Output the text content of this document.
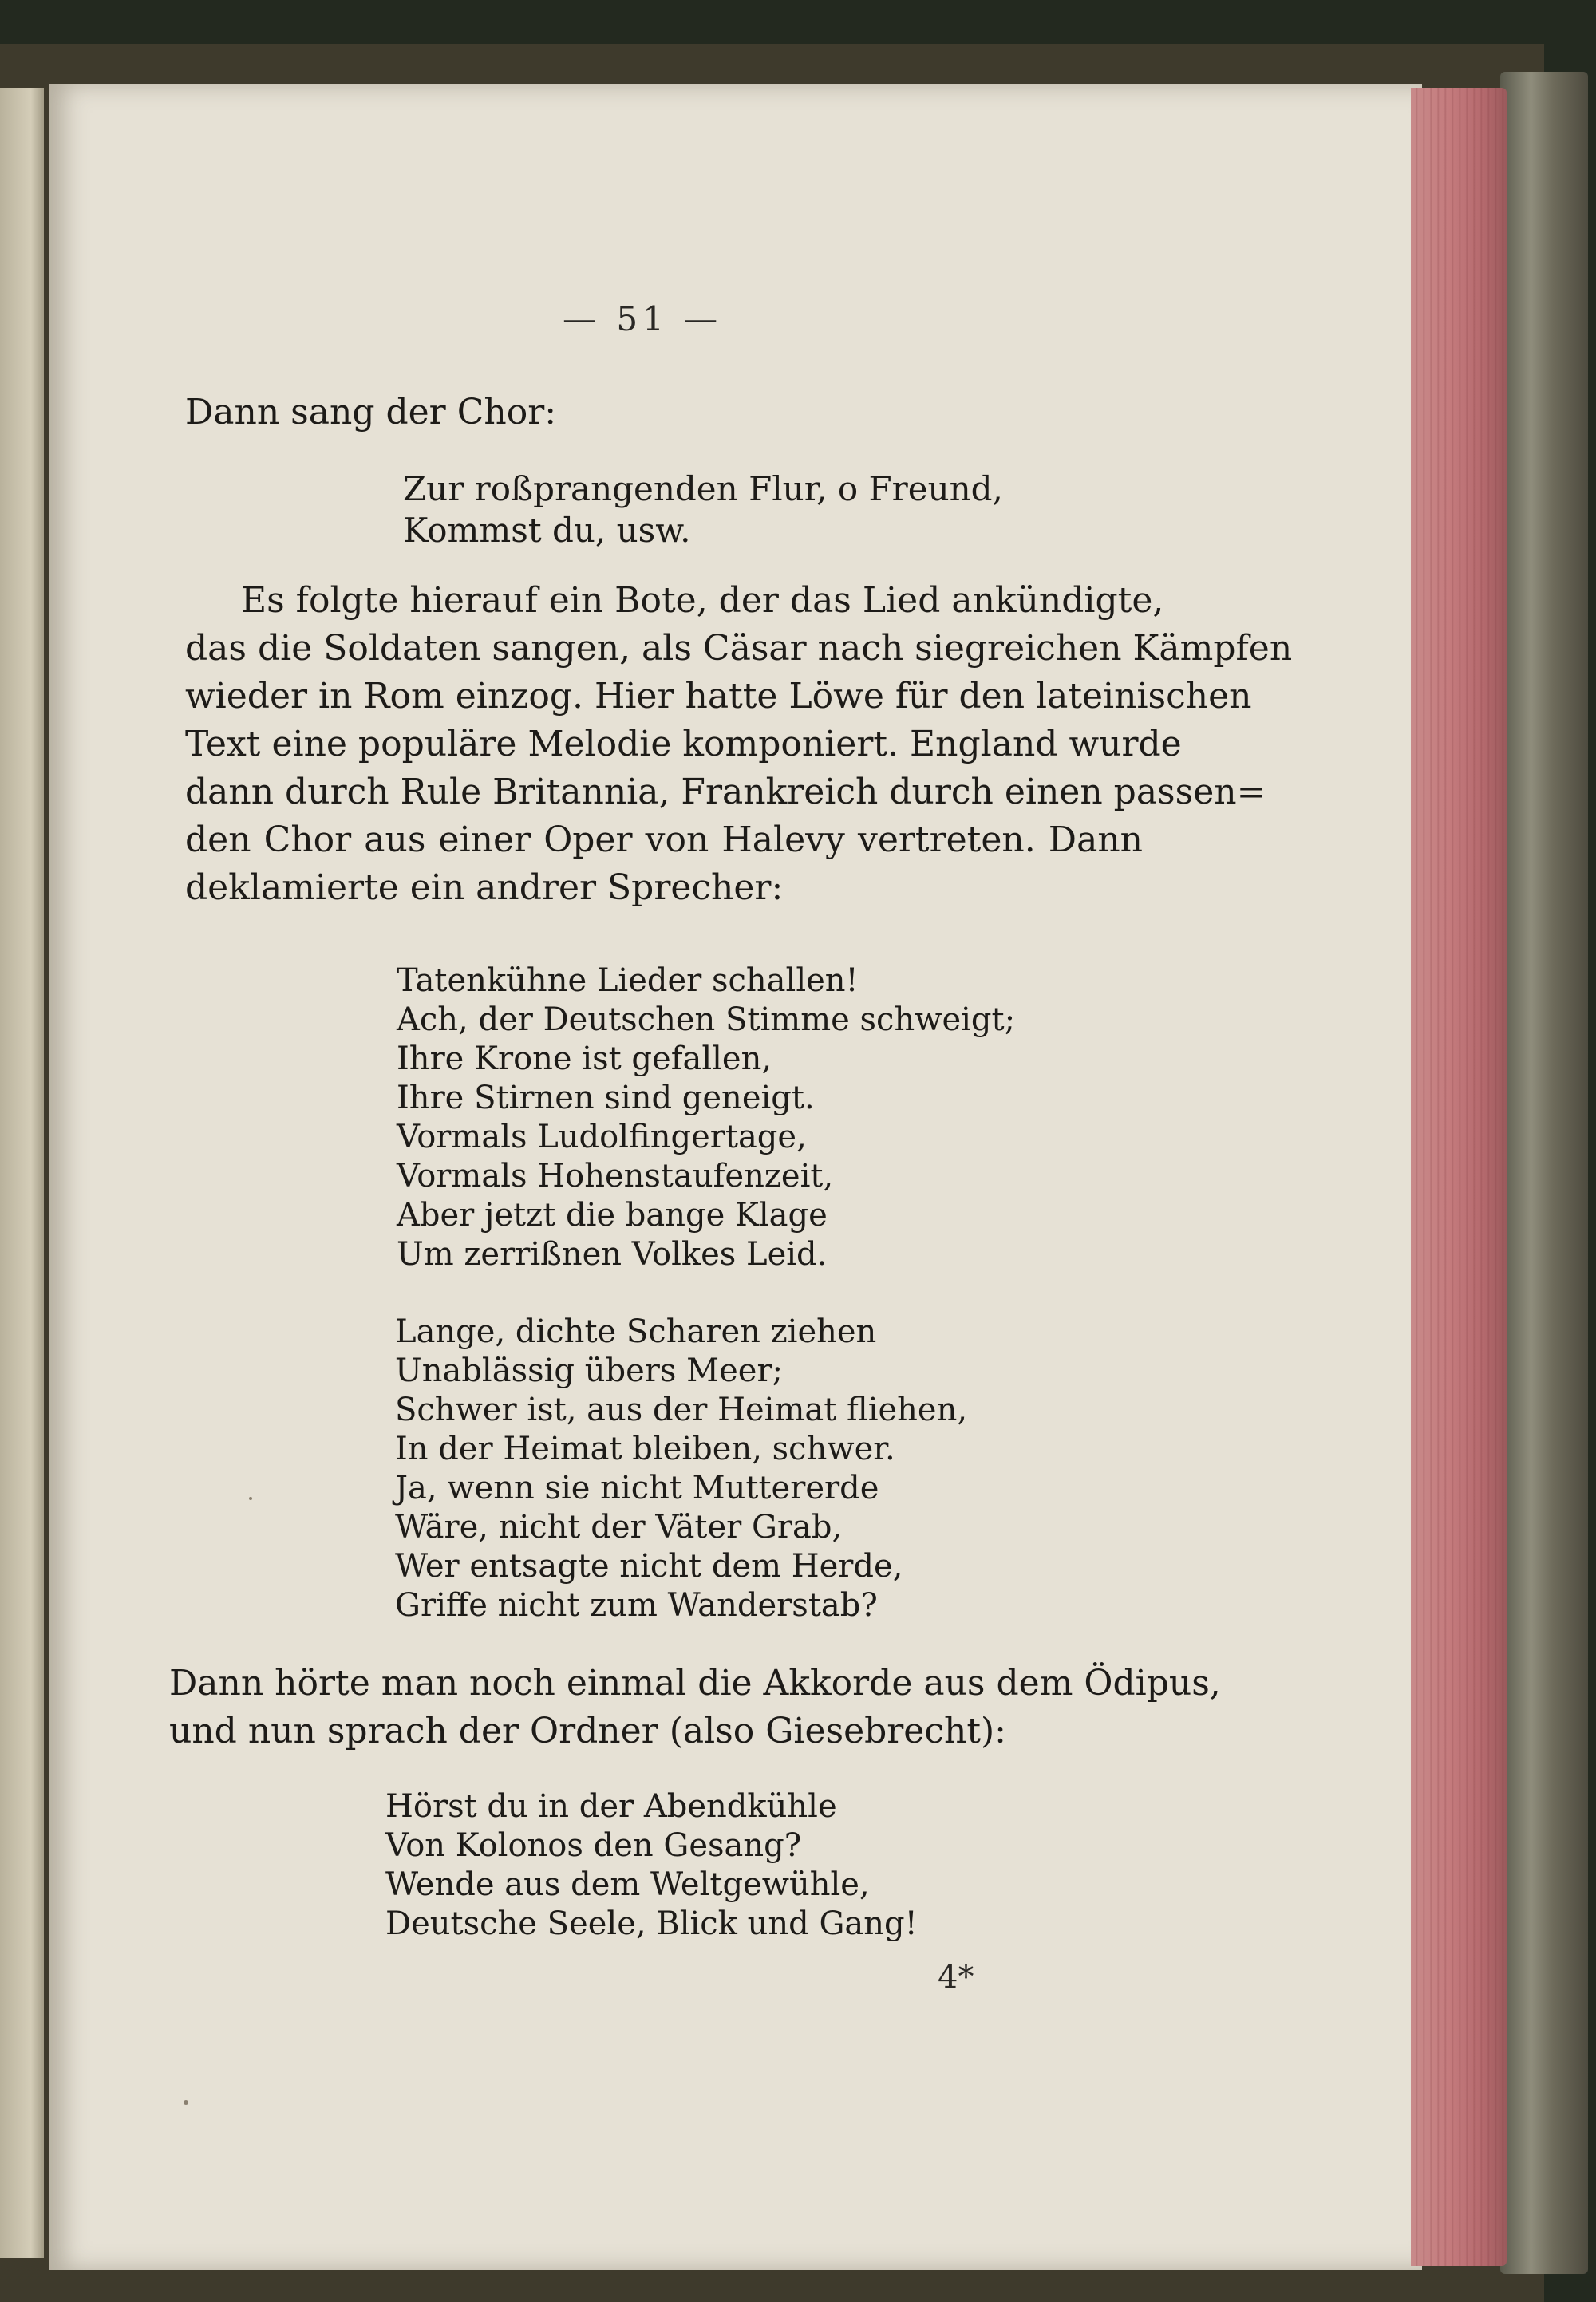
— 51 —
Dann sang der Chor:
Zur roßprangenden Flur, o Freund,
Kommst du, usw.
Es folgte hierauf ein Bote, der das Lied ankündigte,
das die Soldaten sangen, als Cäsar nach siegreichen Kämpfen
wieder in Rom einzog. Hier hatte Löwe für den lateinischen
Text eine populäre Melodie komponiert. England wurde
dann durch Rule Britannia, Frankreich durch einen passen=
den Chor aus einer Oper von Halevy vertreten. Dann
deklamierte ein andrer Sprecher:
Tatenkühne Lieder schallen!
Ach, der Deutschen Stimme schweigt;
Ihre Krone ist gefallen,
Ihre Stirnen sind geneigt.
Vormals Ludolfingertage,
Vormals Hohenstaufenzeit,
Aber jetzt die bange Klage
Um zerrißnen Volkes Leid.
Lange, dichte Scharen ziehen
Unablässig übers Meer;
Schwer ist, aus der Heimat fliehen,
In der Heimat bleiben, schwer.
Ja, wenn sie nicht Muttererde
Wäre, nicht der Väter Grab,
Wer entsagte nicht dem Herde,
Griffe nicht zum Wanderstab?
Dann hörte man noch einmal die Akkorde aus dem Ödipus,
und nun sprach der Ordner (also Giesebrecht):
Hörst du in der Abendkühle
Von Kolonos den Gesang?
Wende aus dem Weltgewühle,
Deutsche Seele, Blick und Gang!
4*
